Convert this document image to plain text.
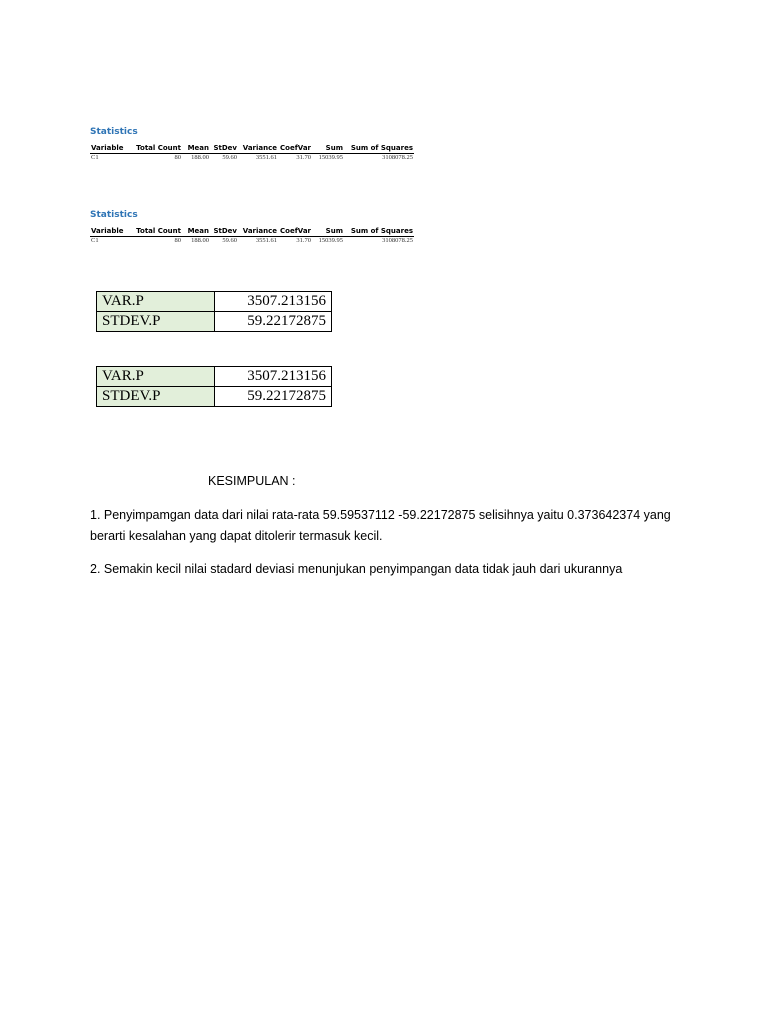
Statistics
Variable	Total Count	Mean	StDev	Variance	CoefVar	Sum	Sum of Squares
C1	80	188.00	59.60	3551.61	31.70	15039.95	3108078.25
Statistics
Variable	Total Count	Mean	StDev	Variance	CoefVar	Sum	Sum of Squares
C1	80	188.00	59.60	3551.61	31.70	15039.95	3108078.25
VAR.P	3507.213156
STDEV.P	59.22172875
VAR.P	3507.213156
STDEV.P	59.22172875

KESIMPULAN :

1. Penyimpamgan data dari nilai rata-rata 59.59537112 -59.22172875 selisihnya yaitu 0.373642374 yang berarti kesalahan yang dapat ditolerir termasuk kecil.

2. Semakin kecil nilai stadard deviasi menunjukan penyimpangan data tidak jauh dari ukurannya
